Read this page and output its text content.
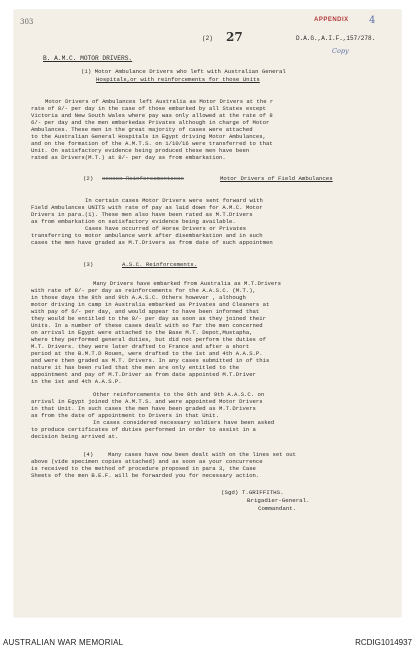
303	APPENDIX 4
(2) 27	D.A.G.,A.I.F.,157/278.
Copy
B. A.M.C. MOTOR DRIVERS.
(1) Motor Ambulance Drivers who left with Australian General
Hospitals,or with reinforcements for those Units
Motor Drivers of Ambulances left Australia as Motor Drivers at the r
rate of 8/- per day in the case of those embarked by all States except
Victoria and New South Wales where pay was only allowed at the rate of 8
6/- per day and the men embarkedas Privates although in charge of Motor
Ambulances. These men in the great majority of cases were attached
to the Australian General Hospitals in Egypt driving Motor Ambulances,
and on the formation of the A.M.T.S. on 1/10/16 were transferred to that
Unit. On satisfactory evidence being produced these men have been
rated as Drivers(M.T.) at 8/- per day as from embarkation.
(2) xxxxxx Reinforcementsxxx	Motor Drivers of Field Ambulances
In certain cases Motor Drivers were sent forward with
Field Ambulances UNITS with rate of pay as laid down for A.M.C. Motor
Drivers in para.(1). These men also have been rated as M.T.Drivers
as from embarkation on satisfactory evidence being available.
Cases have occurred of Horse Drivers or Privates
transferring to motor ambulance work after disembarkation and in such
cases the men have graded as M.T.Drivers as from date of such appointmen
(3)	A.S.C. Reinforcements.
Many Drivers have embarked from Australia as M.T.Drivers
with rate of 8/- per day as reinforcements for the A.A.S.C. (M.T.),
in those days the 8th and 9th A.A.S.C. Others however , although
motor driving in camp in Australia embarked as Privates and Cleaners at
with pay of 6/- per day, and would appear to have been informed that
they would be entitled to the 8/- per day as soon as they joined their
Units. In a number of these cases dealt with so far the men concerned
on arrival in Egypt were attached to the Base M.T. Depot,Mustapha,
where they performed general duties, but did not perform the duties of
M.T. Drivers. they were later drafted to France and after a short
period at the B.M.T.D Rouen, were drafted to the 1st and 4th A.A.S.P.
and were then graded as M.T. Drivers. In any cases submitted in of this
nature it has been ruled that the men are only entitled to the
appointment and pay of M.T.Driver as from date appointed M.T.Driver
in the 1st and 4th A.A.S.P.
Other reinforcements to the 8th and 9th A.A.S.C. on
arrival in Egypt joined the A.M.T.S. and were appointed Motor Drivers
in that Unit. In such cases the men have been graded as M.T.Drivers
as from the date of appointment to Drivers in that Unit.
In cases considered necessary soldiers have been asked
to produce certificates of duties performed in order to assist in a
decision being arrived at.
(4)	Many cases have now been dealt with on the lines set out
above (vide specimen copies attached) and as soon as your concurrence
is received to the method of procedure proposed in para 3, the Case
Sheets of the men B.E.F. will be forwarded you for necessary action.
(Sgd) T.GRIFFITHS.
Brigadier-General.
Commandant.
AUSTRALIAN WAR MEMORIAL	RCDIG1014937
